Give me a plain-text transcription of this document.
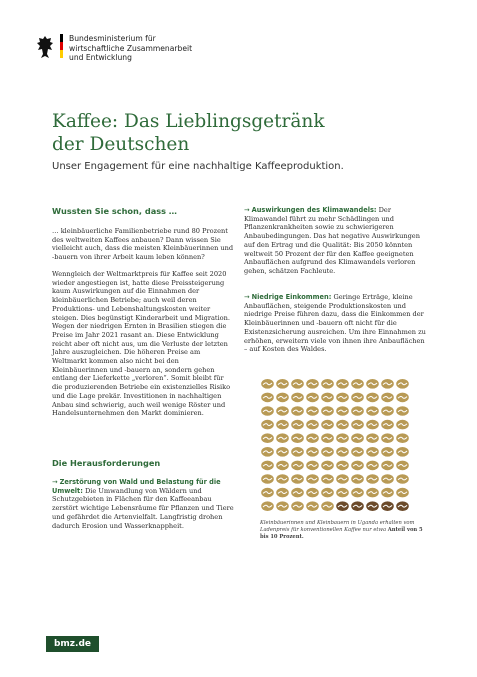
Bundesministerium für
wirtschaftliche Zusammenarbeit
und Entwicklung
Kaffee: Das Lieblingsgetränk
der Deutschen
Unser Engagement für eine nachhaltige Kaffeeproduktion.
Wussten Sie schon, dass …

… kleinbäuerliche Familienbetriebe rund 80 Prozent des weltweiten Kaffees anbauen? Dann wissen Sie vielleicht auch, dass die meisten Kleinbäuerinnen und -bauern von ihrer Arbeit kaum leben können?

Wenngleich der Weltmarktpreis für Kaffee seit 2020 wieder angestiegen ist, hatte diese Preissteigerung kaum Auswirkungen auf die Einnahmen der kleinbäuerlichen Betriebe; auch weil deren Produktions- und Lebenshaltungskosten weiter steigen. Dies begünstigt Kinderarbeit und Migration. Wegen der niedrigen Ernten in Brasilien stiegen die Preise im Jahr 2021 rasant an. Diese Entwicklung reicht aber oft nicht aus, um die Verluste der letzten Jahre auszugleichen. Die höheren Preise am Weltmarkt kommen also nicht bei den Kleinbäuerinnen und -bauern an, sondern gehen entlang der Lieferkette „verloren“. Somit bleibt für die produzierenden Betriebe ein existenzielles Risiko und die Lage prekär. Investitionen in nachhaltigen Anbau sind schwierig, auch weil wenige Röster und Handelsunternehmen den Markt dominieren.

Die Herausforderungen

→ Zerstörung von Wald und Belastung für die Umwelt: Die Umwandlung von Wäldern und Schutzgebieten in Flächen für den Kaffeeanbau zerstört wichtige Lebensräume für Pflanzen und Tiere und gefährdet die Artenvielfalt. Langfristig drohen dadurch Erosion und Wasserknappheit.

→ Auswirkungen des Klimawandels: Der Klimawandel führt zu mehr Schädlingen und Pflanzenkrankheiten sowie zu schwierigeren Anbaubedingungen. Das hat negative Auswirkungen auf den Ertrag und die Qualität: Bis 2050 könnten weltweit 50 Prozent der für den Kaffee geeigneten Anbauflächen aufgrund des Klimawandels verloren gehen, schätzen Fachleute.

→ Niedrige Einkommen: Geringe Erträge, kleine Anbauflächen, steigende Produktionskosten und niedrige Preise führen dazu, dass die Einkommen der Kleinbäuerinnen und -bauern oft nicht für die Existenzsicherung ausreichen. Um ihre Einnahmen zu erhöhen, erweitern viele von ihnen ihre Anbauflächen – auf Kosten des Waldes.

Kleinbäuerinnen und Kleinbauern in Uganda erhalten vom Ladenpreis für konventionellen Kaffee nur etwa Anteil von 5 bis 10 Prozent.
bmz.de
